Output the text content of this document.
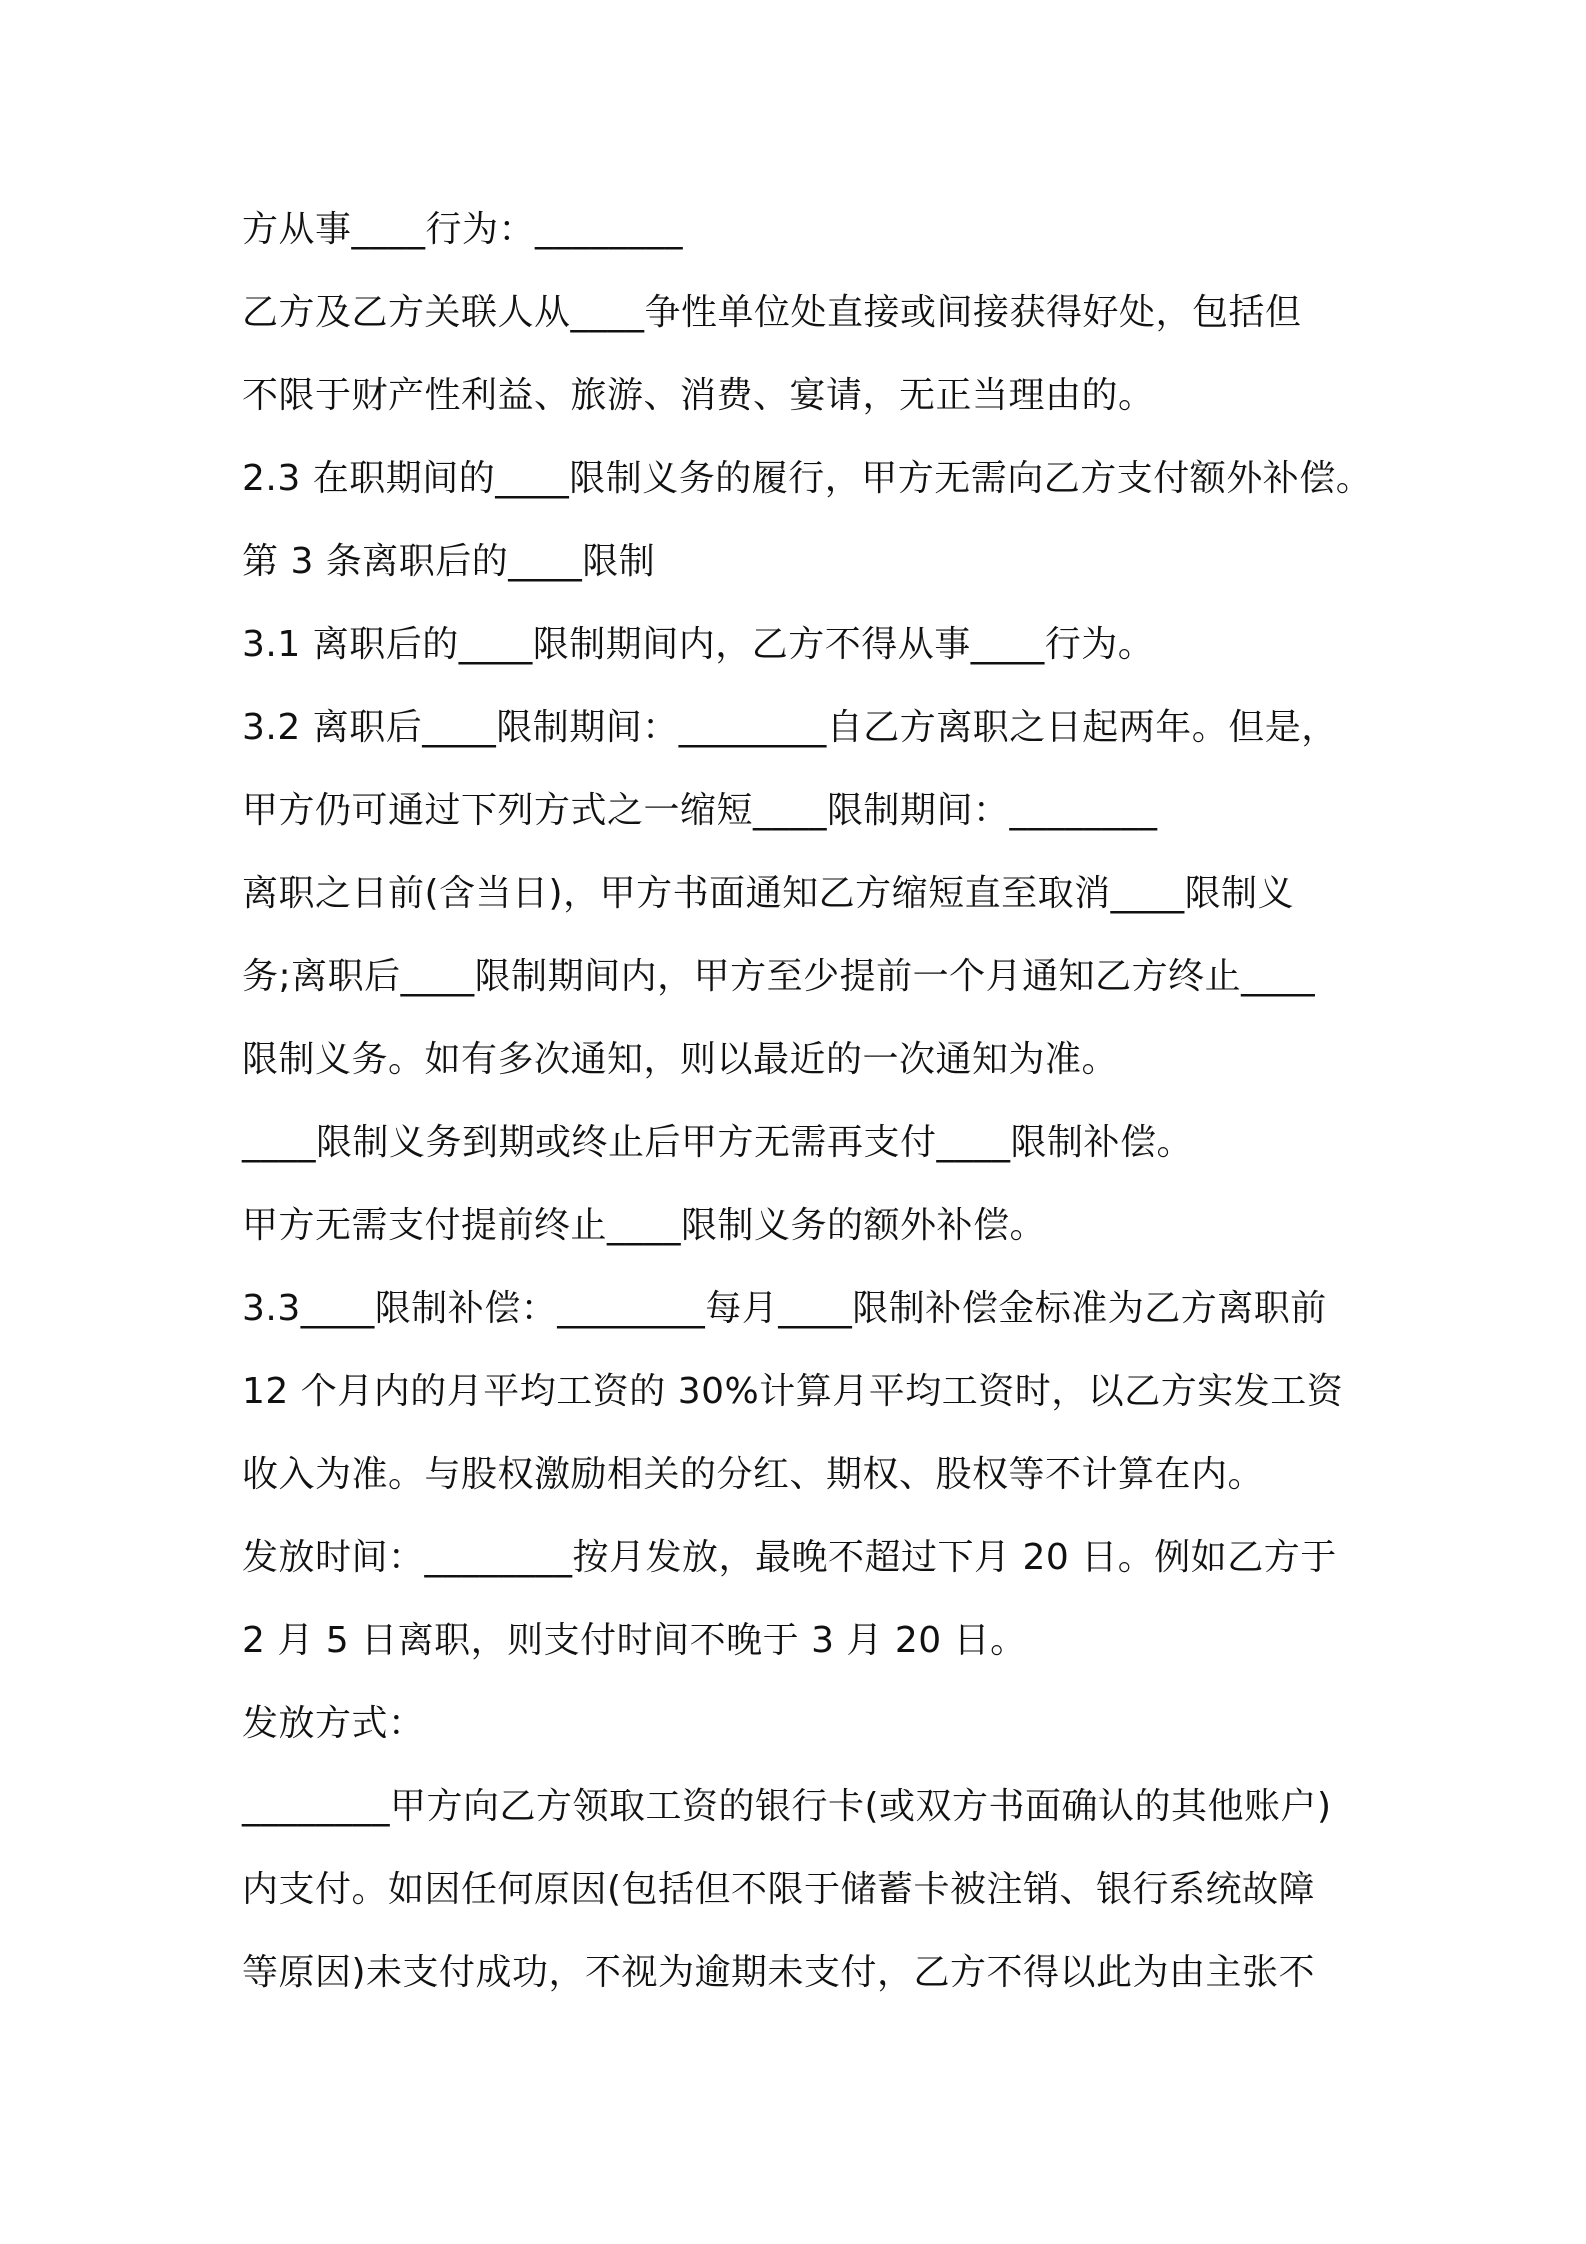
方从事____行为：________

乙方及乙方关联人从____争性单位处直接或间接获得好处，包括但

不限于财产性利益、旅游、消费、宴请，无正当理由的。

2.3 在职期间的____限制义务的履行，甲方无需向乙方支付额外补偿。

第 3 条离职后的____限制

3.1 离职后的____限制期间内，乙方不得从事____行为。

3.2 离职后____限制期间：________自乙方离职之日起两年。但是，

甲方仍可通过下列方式之一缩短____限制期间：________

离职之日前(含当日)，甲方书面通知乙方缩短直至取消____限制义

务;离职后____限制期间内，甲方至少提前一个月通知乙方终止____

限制义务。如有多次通知，则以最近的一次通知为准。

____限制义务到期或终止后甲方无需再支付____限制补偿。

甲方无需支付提前终止____限制义务的额外补偿。

3.3____限制补偿：________每月____限制补偿金标准为乙方离职前

12 个月内的月平均工资的 30%计算月平均工资时，以乙方实发工资

收入为准。与股权激励相关的分红、期权、股权等不计算在内。

发放时间：________按月发放，最晚不超过下月 20 日。例如乙方于

2 月 5 日离职，则支付时间不晚于 3 月 20 日。

发放方式：

________甲方向乙方领取工资的银行卡(或双方书面确认的其他账户)

内支付。如因任何原因(包括但不限于储蓄卡被注销、银行系统故障

等原因)未支付成功，不视为逾期未支付，乙方不得以此为由主张不
